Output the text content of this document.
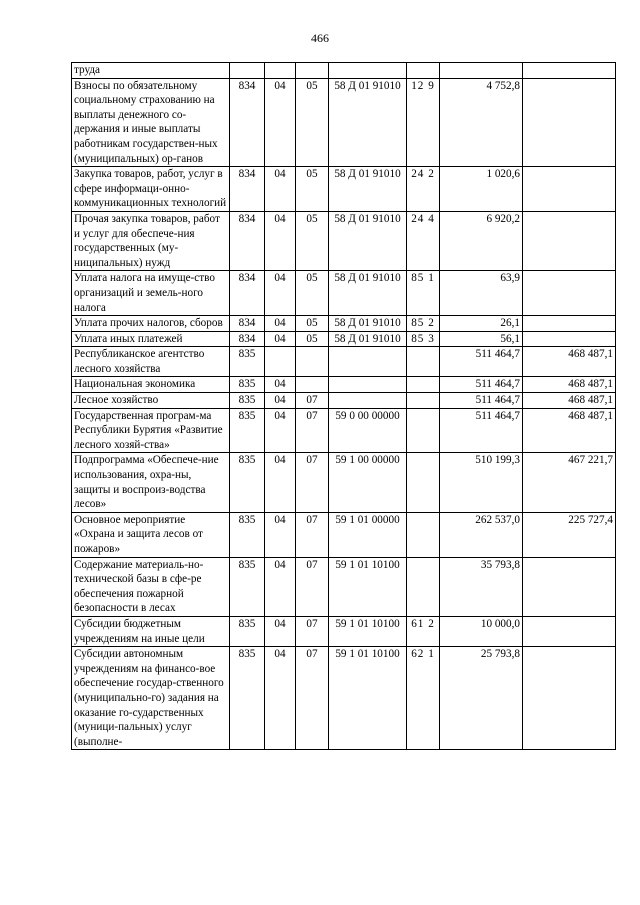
466
труда							
Взносы по обязательному социальному страхованию на выплаты денежного со-держания и иные выплаты работникам государствен-ных (муниципальных) ор-ганов	834	04	05	58 Д 01 91010	12 9	4 752,8	
Закупка товаров, работ, услуг в сфере информаци-онно-коммуникационных технологий	834	04	05	58 Д 01 91010	24 2	1 020,6	
Прочая закупка товаров, работ и услуг для обеспече-ния государственных (му-ниципальных) нужд	834	04	05	58 Д 01 91010	24 4	6 920,2	
Уплата налога на имуще-ство организаций и земель-ного налога	834	04	05	58 Д 01 91010	85 1	63,9	
Уплата прочих налогов, сборов	834	04	05	58 Д 01 91010	85 2	26,1	
Уплата иных платежей	834	04	05	58 Д 01 91010	85 3	56,1	
Республиканское агентство лесного хозяйства	835					511 464,7	468 487,1
Национальная экономика	835	04				511 464,7	468 487,1
Лесное хозяйство	835	04	07			511 464,7	468 487,1
Государственная програм-ма Республики Бурятия «Развитие лесного хозяй-ства»	835	04	07	59 0 00 00000		511 464,7	468 487,1
Подпрограмма «Обеспече-ние использования, охра-ны, защиты и воспроиз-водства лесов»	835	04	07	59 1 00 00000		510 199,3	467 221,7
Основное мероприятие «Охрана и защита лесов от пожаров»	835	04	07	59 1 01 00000		262 537,0	225 727,4
Содержание материаль-но-технической базы в сфе-ре обеспечения пожарной безопасности в лесах	835	04	07	59 1 01 10100		35 793,8	
Субсидии бюджетным учреждениям на иные цели	835	04	07	59 1 01 10100	61 2	10 000,0	
Субсидии автономным учреждениям на финансо-вое обеспечение государ-ственного (муниципально-го) задания на оказание го-сударственных (муници-пальных) услуг (выполне-	835	04	07	59 1 01 10100	62 1	25 793,8	
